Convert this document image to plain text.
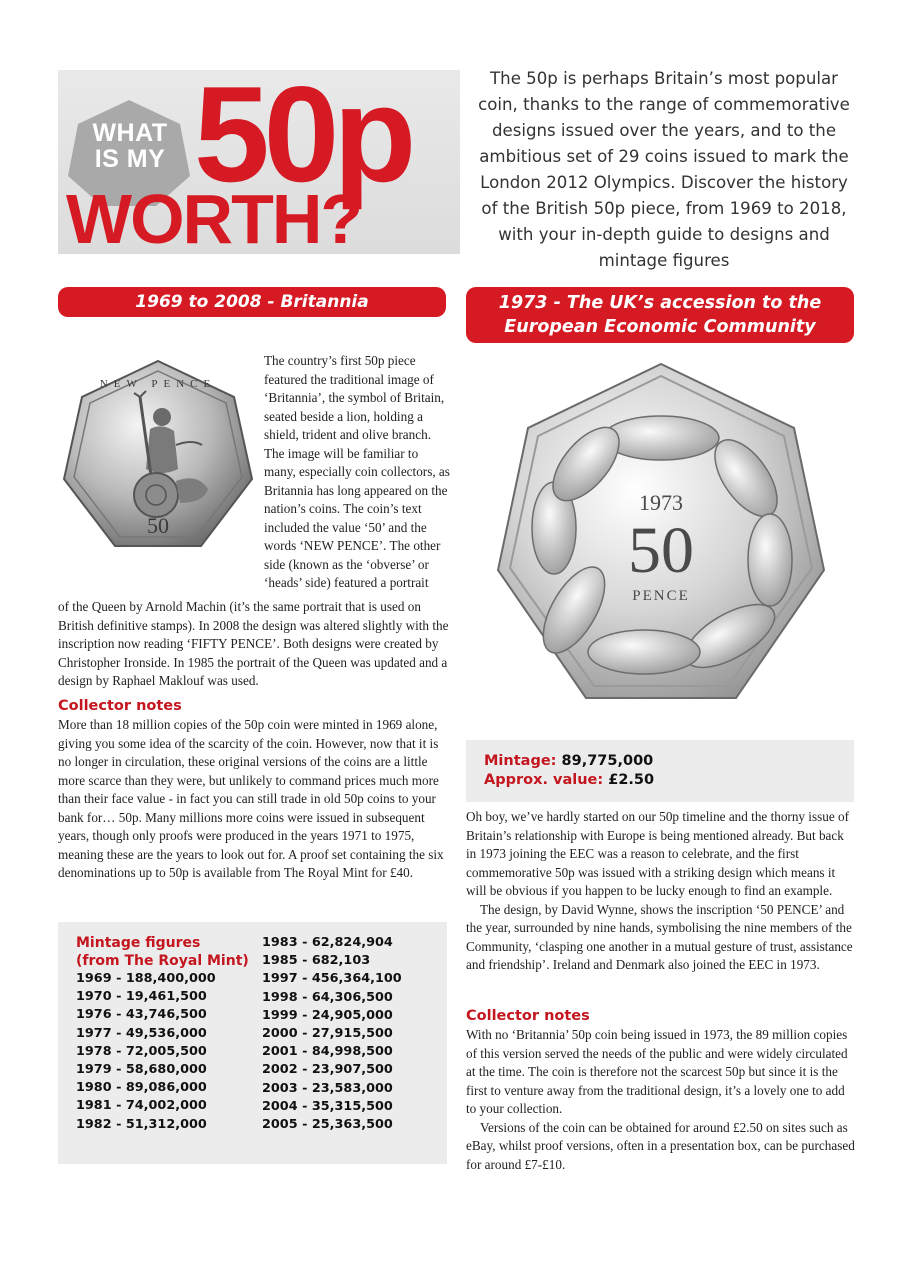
WHAT
IS MY 50p
WORTH?
The 50p is perhaps Britain’s most popular coin, thanks to the range of commemorative designs issued over the years, and to the ambitious set of 29 coins issued to mark the London 2012 Olympics. Discover the history of the British 50p piece, from 1969 to 2018, with your in-depth guide to designs and mintage figures
1969 to 2008 - Britannia
50
NEW PENCE
The country’s first 50p piece featured the traditional image of ‘Britannia’, the symbol of Britain, seated beside a lion, holding a shield, trident and olive branch. The image will be familiar to many, especially coin collectors, as Britannia has long appeared on the nation’s coins. The coin’s text included the value ‘50’ and the words ‘NEW PENCE’. The other side (known as the ‘obverse’ or ‘heads’ side) featured a portrait
of the Queen by Arnold Machin (it’s the same portrait that is used on British definitive stamps). In 2008 the design was altered slightly with the inscription now reading ‘FIFTY PENCE’. Both designs were created by Christopher Ironside. In 1985 the portrait of the Queen was updated and a design by Raphael Maklouf was used.
Collector notes
More than 18 million copies of the 50p coin were minted in 1969 alone, giving you some idea of the scarcity of the coin. However, now that it is no longer in circulation, these original versions of the coins are a little more scarce than they were, but unlikely to command prices much more than their face value - in fact you can still trade in old 50p coins to your bank for… 50p. Many millions more coins were issued in subsequent years, though only proofs were produced in the years 1971 to 1975, meaning these are the years to look out for. A proof set containing the six denominations up to 50p is available from The Royal Mint for £40.
Mintage figures
(from The Royal Mint)
1969 - 188,400,000
1970 - 19,461,500
1976 - 43,746,500
1977 - 49,536,000
1978 - 72,005,500
1979 - 58,680,000
1980 - 89,086,000
1981 - 74,002,000
1982 - 51,312,000
1983 - 62,824,904
1985 - 682,103
1997 - 456,364,100
1998 - 64,306,500
1999 - 24,905,000
2000 - 27,915,500
2001 - 84,998,500
2002 - 23,907,500
2003 - 23,583,000
2004 - 35,315,500
2005 - 25,363,500
1973 - The UK’s accession to the
European Economic Community
1973
50
PENCE
Mintage: 89,775,000
Approx. value: £2.50

Oh boy, we’ve hardly started on our 50p timeline and the thorny issue of Britain’s relationship with Europe is being mentioned already. But back in 1973 joining the EEC was a reason to celebrate, and the first commemorative 50p was issued with a striking design which means it will be obvious if you happen to be lucky enough to find an example.

The design, by David Wynne, shows the inscription ‘50 PENCE’ and the year, surrounded by nine hands, symbolising the nine members of the Community, ‘clasping one another in a mutual gesture of trust, assistance and friendship’. Ireland and Denmark also joined the EEC in 1973.

Collector notes

With no ‘Britannia’ 50p coin being issued in 1973, the 89 million copies of this version served the needs of the public and were widely circulated at the time. The coin is therefore not the scarcest 50p but since it is the first to venture away from the traditional design, it’s a lovely one to add to your collection.

Versions of the coin can be obtained for around £2.50 on sites such as eBay, whilst proof versions, often in a presentation box, can be purchased for around £7-£10.
